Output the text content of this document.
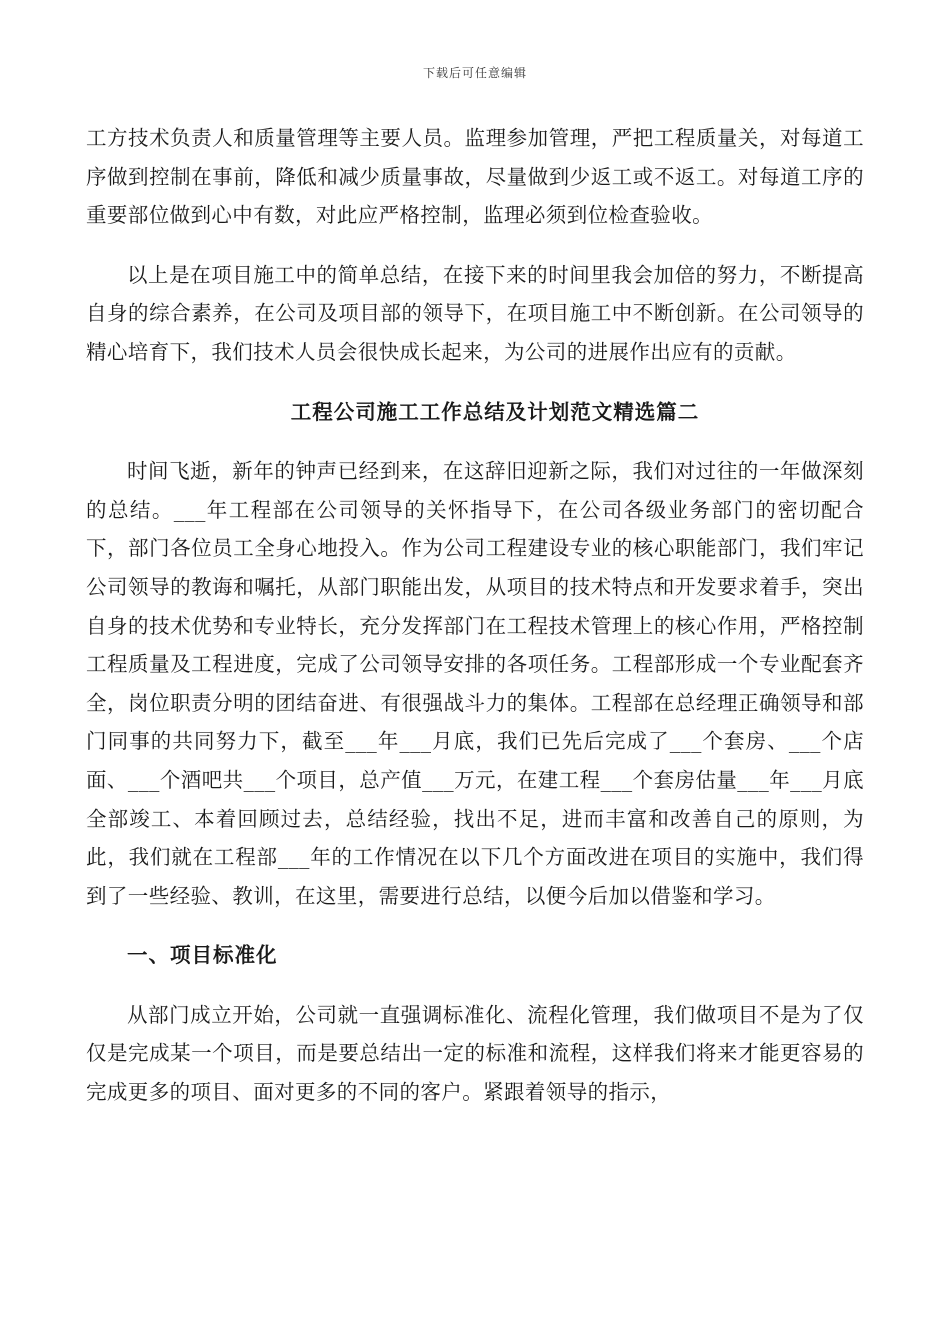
下载后可任意编辑

工方技术负责人和质量管理等主要人员。监理参加管理，严把工程质量关，对每道工序做到控制在事前，降低和减少质量事故，尽量做到少返工或不返工。对每道工序的重要部位做到心中有数，对此应严格控制，监理必须到位检查验收。

以上是在项目施工中的简单总结，在接下来的时间里我会加倍的努力，不断提高自身的综合素养，在公司及项目部的领导下，在项目施工中不断创新。在公司领导的精心培育下，我们技术人员会很快成长起来，为公司的进展作出应有的贡献。

工程公司施工工作总结及计划范文精选篇二

时间飞逝，新年的钟声已经到来，在这辞旧迎新之际，我们对过往的一年做深刻的总结。___年工程部在公司领导的关怀指导下，在公司各级业务部门的密切配合下，部门各位员工全身心地投入。作为公司工程建设专业的核心职能部门，我们牢记公司领导的教诲和嘱托，从部门职能出发，从项目的技术特点和开发要求着手，突出自身的技术优势和专业特长，充分发挥部门在工程技术管理上的核心作用，严格控制工程质量及工程进度，完成了公司领导安排的各项任务。工程部形成一个专业配套齐全，岗位职责分明的团结奋进、有很强战斗力的集体。工程部在总经理正确领导和部门同事的共同努力下，截至___年___月底，我们已先后完成了___个套房、___个店面、___个酒吧共___个项目，总产值___万元，在建工程___个套房估量___年___月底全部竣工、本着回顾过去，总结经验，找出不足，进而丰富和改善自己的原则，为此，我们就在工程部___年的工作情况在以下几个方面改进在项目的实施中，我们得到了一些经验、教训，在这里，需要进行总结，以便今后加以借鉴和学习。

一、项目标准化

从部门成立开始，公司就一直强调标准化、流程化管理，我们做项目不是为了仅仅是完成某一个项目，而是要总结出一定的标准和流程，这样我们将来才能更容易的完成更多的项目、面对更多的不同的客户。紧跟着领导的指示，
